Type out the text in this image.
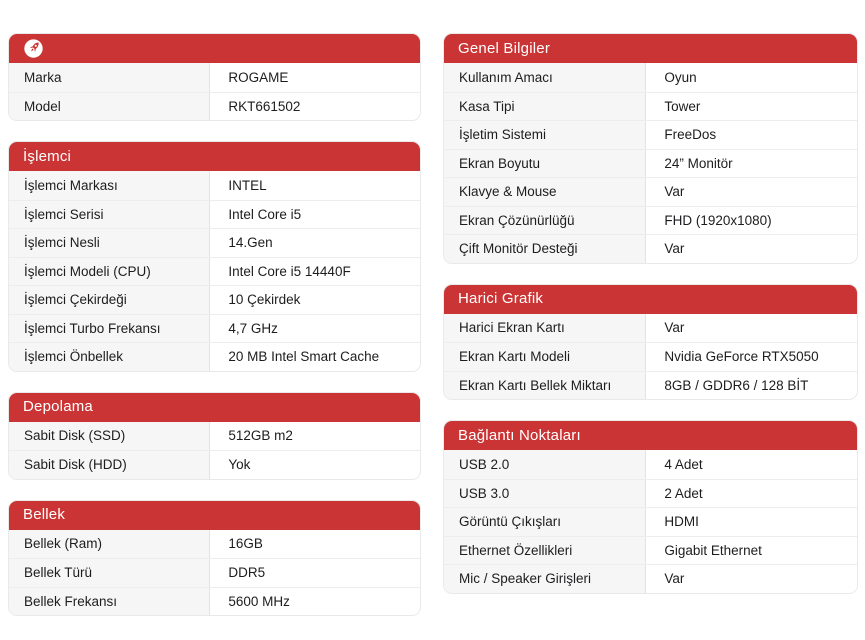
Marka	ROGAME
Model	RKT661502
İşlemci
İşlemci Markası	INTEL
İşlemci Serisi	Intel Core i5
İşlemci Nesli	14.Gen
İşlemci Modeli (CPU)	Intel Core i5 14440F
İşlemci Çekirdeği	10 Çekirdek
İşlemci Turbo Frekansı	4,7 GHz
İşlemci Önbellek	20 MB Intel Smart Cache
Depolama
Sabit Disk (SSD)	512GB m2
Sabit Disk (HDD)	Yok
Bellek
Bellek (Ram)	16GB
Bellek Türü	DDR5
Bellek Frekansı	5600 MHz
Genel Bilgiler
Kullanım Amacı	Oyun
Kasa Tipi	Tower
İşletim Sistemi	FreeDos
Ekran Boyutu	24” Monitör
Klavye & Mouse	Var
Ekran Çözünürlüğü	FHD (1920x1080)
Çift Monitör Desteği	Var
Harici Grafik
Harici Ekran Kartı	Var
Ekran Kartı Modeli	Nvidia GeForce RTX5050
Ekran Kartı Bellek Miktarı	8GB / GDDR6 / 128 BİT
Bağlantı Noktaları
USB 2.0	4 Adet
USB 3.0	2 Adet
Görüntü Çıkışları	HDMI
Ethernet Özellikleri	Gigabit Ethernet
Mic / Speaker Girişleri	Var
